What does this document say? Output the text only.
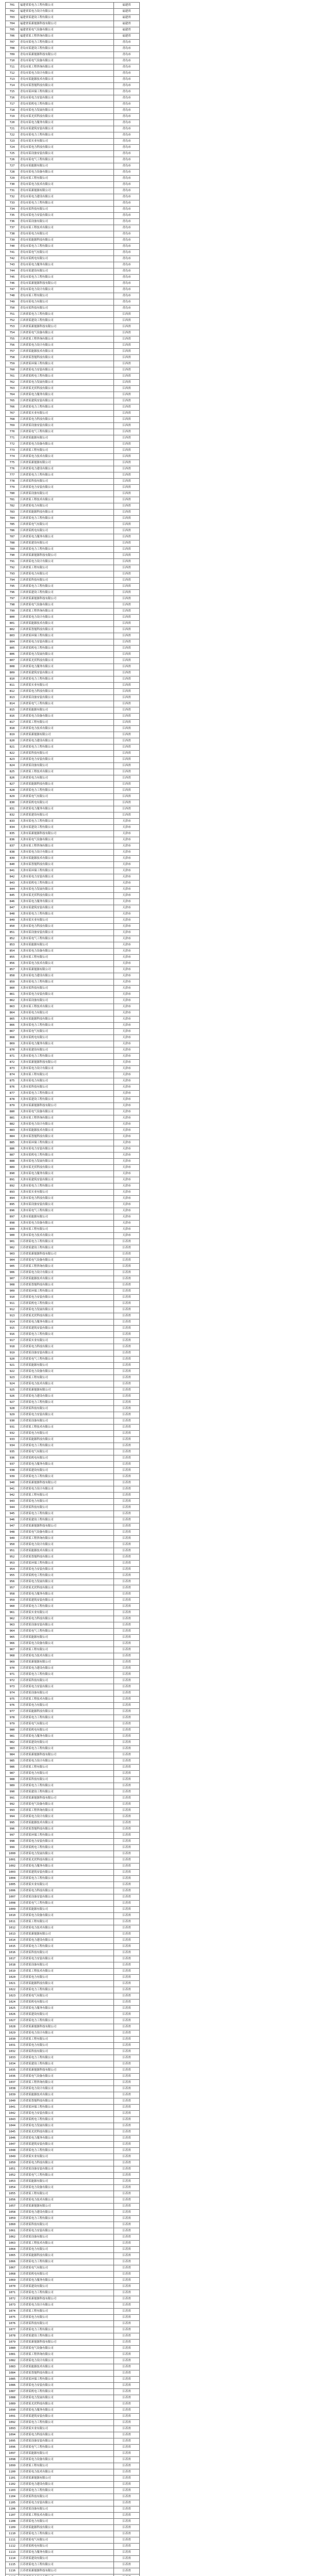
701	福建省某电力工程有限公司	福建省
702	福建省某电力设计有限公司	福建省
703	福建省某建设工程有限公司	福建省
704	福建省某新能源科技有限公司	福建省
705	福建省某电气设备有限公司	福建省
706	福建省某工程咨询有限公司	福建省
707	青岛市某电力工程有限公司	青岛市
708	青岛市某建设工程有限公司	青岛市
709	青岛市某新能源科技有限公司	青岛市
710	青岛市某电气设备有限公司	青岛市
711	青岛市某工程咨询有限公司	青岛市
712	青岛市某电力设计有限公司	青岛市
713	青岛市某能源技术有限公司	青岛市
714	青岛市某智能科技有限公司	青岛市
715	青岛市某环保工程有限公司	青岛市
716	青岛市某电力安装有限公司	青岛市
717	青岛市某机电工程有限公司	青岛市
718	青岛市某电力发展有限公司	青岛市
719	青岛市某光伏科技有限公司	青岛市
720	青岛市某电力服务有限公司	青岛市
721	青岛市某建筑安装有限公司	青岛市
722	青岛市某电力工程有限公司	青岛市
723	青岛市某实业有限公司	青岛市
724	青岛市某电力科技有限公司	青岛市
725	青岛市某设备安装有限公司	青岛市
726	青岛市某电气工程有限公司	青岛市
727	青岛市某能源有限公司	青岛市
728	青岛市某电力设备有限公司	青岛市
729	青岛市某工程有限公司	青岛市
730	青岛市某电力技术有限公司	青岛市
731	青岛市某新能源有限公司	青岛市
732	青岛市某电力建设有限公司	青岛市
733	青岛市某电力工程有限公司	青岛市
734	青岛市某科技有限公司	青岛市
735	青岛市某电力安装有限公司	青岛市
736	青岛市某设备有限公司	青岛市
737	青岛市某工程技术有限公司	青岛市
738	青岛市某电力有限公司	青岛市
739	青岛市某能源科技有限公司	青岛市
740	青岛市某电力工程有限公司	青岛市
741	青岛市某电气有限公司	青岛市
742	青岛市某机电有限公司	青岛市
743	青岛市某电力服务有限公司	青岛市
744	青岛市某建设有限公司	青岛市
745	青岛市某电力工程有限公司	青岛市
746	青岛市某新能源科技有限公司	青岛市
747	青岛市某电力设计有限公司	青岛市
748	青岛市某工程有限公司	青岛市
749	青岛市某电力有限公司	青岛市
750	青岛市某科技有限公司	青岛市
751	江西省某电力工程有限公司	江西省
752	江西省某建设工程有限公司	江西省
753	江西省某新能源科技有限公司	江西省
754	江西省某电气设备有限公司	江西省
755	江西省某工程咨询有限公司	江西省
756	江西省某电力设计有限公司	江西省
757	江西省某能源技术有限公司	江西省
758	江西省某智能科技有限公司	江西省
759	江西省某环保工程有限公司	江西省
760	江西省某电力安装有限公司	江西省
761	江西省某机电工程有限公司	江西省
762	江西省某电力发展有限公司	江西省
763	江西省某光伏科技有限公司	江西省
764	江西省某电力服务有限公司	江西省
765	江西省某建筑安装有限公司	江西省
766	江西省某电力工程有限公司	江西省
767	江西省某实业有限公司	江西省
768	江西省某电力科技有限公司	江西省
769	江西省某设备安装有限公司	江西省
770	江西省某电气工程有限公司	江西省
771	江西省某能源有限公司	江西省
772	江西省某电力设备有限公司	江西省
773	江西省某工程有限公司	江西省
774	江西省某电力技术有限公司	江西省
775	江西省某新能源有限公司	江西省
776	江西省某电力建设有限公司	江西省
777	江西省某电力工程有限公司	江西省
778	江西省某科技有限公司	江西省
779	江西省某电力安装有限公司	江西省
780	江西省某设备有限公司	江西省
781	江西省某工程技术有限公司	江西省
782	江西省某电力有限公司	江西省
783	江西省某能源科技有限公司	江西省
784	江西省某电力工程有限公司	江西省
785	江西省某电气有限公司	江西省
786	江西省某机电有限公司	江西省
787	江西省某电力服务有限公司	江西省
788	江西省某建设有限公司	江西省
789	江西省某电力工程有限公司	江西省
790	江西省某新能源科技有限公司	江西省
791	江西省某电力设计有限公司	江西省
792	江西省某工程有限公司	江西省
793	江西省某电力有限公司	江西省
794	江西省某科技有限公司	江西省
795	江西省某电力工程有限公司	江西省
796	江西省某建设工程有限公司	江西省
797	江西省某新能源科技有限公司	江西省
798	江西省某电气设备有限公司	江西省
799	江西省某工程咨询有限公司	江西省
800	江西省某电力设计有限公司	江西省
801	江西省某能源技术有限公司	江西省
802	江西省某智能科技有限公司	江西省
803	江西省某环保工程有限公司	江西省
804	江西省某电力安装有限公司	江西省
805	江西省某机电工程有限公司	江西省
806	江西省某电力发展有限公司	江西省
807	江西省某光伏科技有限公司	江西省
808	江西省某电力服务有限公司	江西省
809	江西省某建筑安装有限公司	江西省
810	江西省某电力工程有限公司	江西省
811	江西省某实业有限公司	江西省
812	江西省某电力科技有限公司	江西省
813	江西省某设备安装有限公司	江西省
814	江西省某电气工程有限公司	江西省
815	江西省某能源有限公司	江西省
816	江西省某电力设备有限公司	江西省
817	江西省某工程有限公司	江西省
818	江西省某电力技术有限公司	江西省
819	江西省某新能源有限公司	江西省
820	江西省某电力建设有限公司	江西省
821	江西省某电力工程有限公司	江西省
822	江西省某科技有限公司	江西省
823	江西省某电力安装有限公司	江西省
824	江西省某设备有限公司	江西省
825	江西省某工程技术有限公司	江西省
826	江西省某电力有限公司	江西省
827	江西省某能源科技有限公司	江西省
828	江西省某电力工程有限公司	江西省
829	江西省某电气有限公司	江西省
830	江西省某机电有限公司	江西省
831	江西省某电力服务有限公司	江西省
832	江西省某建设有限公司	江西省
833	天津市某电力工程有限公司	天津市
834	天津市某建设工程有限公司	天津市
835	天津市某新能源科技有限公司	天津市
836	天津市某电气设备有限公司	天津市
837	天津市某工程咨询有限公司	天津市
838	天津市某电力设计有限公司	天津市
839	天津市某能源技术有限公司	天津市
840	天津市某智能科技有限公司	天津市
841	天津市某环保工程有限公司	天津市
842	天津市某电力安装有限公司	天津市
843	天津市某机电工程有限公司	天津市
844	天津市某电力发展有限公司	天津市
845	天津市某光伏科技有限公司	天津市
846	天津市某电力服务有限公司	天津市
847	天津市某建筑安装有限公司	天津市
848	天津市某电力工程有限公司	天津市
849	天津市某实业有限公司	天津市
850	天津市某电力科技有限公司	天津市
851	天津市某设备安装有限公司	天津市
852	天津市某电气工程有限公司	天津市
853	天津市某能源有限公司	天津市
854	天津市某电力设备有限公司	天津市
855	天津市某工程有限公司	天津市
856	天津市某电力技术有限公司	天津市
857	天津市某新能源有限公司	天津市
858	天津市某电力建设有限公司	天津市
859	天津市某电力工程有限公司	天津市
860	天津市某科技有限公司	天津市
861	天津市某电力安装有限公司	天津市
862	天津市某设备有限公司	天津市
863	天津市某工程技术有限公司	天津市
864	天津市某电力有限公司	天津市
865	天津市某能源科技有限公司	天津市
866	天津市某电力工程有限公司	天津市
867	天津市某电气有限公司	天津市
868	天津市某机电有限公司	天津市
869	天津市某电力服务有限公司	天津市
870	天津市某建设有限公司	天津市
871	天津市某电力工程有限公司	天津市
872	天津市某新能源科技有限公司	天津市
873	天津市某电力设计有限公司	天津市
874	天津市某工程有限公司	天津市
875	天津市某电力有限公司	天津市
876	天津市某科技有限公司	天津市
877	天津市某电力工程有限公司	天津市
878	天津市某建设工程有限公司	天津市
879	天津市某新能源科技有限公司	天津市
880	天津市某电气设备有限公司	天津市
881	天津市某工程咨询有限公司	天津市
882	天津市某电力设计有限公司	天津市
883	天津市某能源技术有限公司	天津市
884	天津市某智能科技有限公司	天津市
885	天津市某环保工程有限公司	天津市
886	天津市某电力安装有限公司	天津市
887	天津市某机电工程有限公司	天津市
888	天津市某电力发展有限公司	天津市
889	天津市某光伏科技有限公司	天津市
890	天津市某电力服务有限公司	天津市
891	天津市某建筑安装有限公司	天津市
892	天津市某电力工程有限公司	天津市
893	天津市某实业有限公司	天津市
894	天津市某电力科技有限公司	天津市
895	天津市某设备安装有限公司	天津市
896	天津市某电气工程有限公司	天津市
897	天津市某能源有限公司	天津市
898	天津市某电力设备有限公司	天津市
899	天津市某工程有限公司	天津市
900	天津市某电力技术有限公司	天津市
901	江苏省某电力工程有限公司	江苏省
902	江苏省某建设工程有限公司	江苏省
903	江苏省某新能源科技有限公司	江苏省
904	江苏省某电气设备有限公司	江苏省
905	江苏省某工程咨询有限公司	江苏省
906	江苏省某电力设计有限公司	江苏省
907	江苏省某能源技术有限公司	江苏省
908	江苏省某智能科技有限公司	江苏省
909	江苏省某环保工程有限公司	江苏省
910	江苏省某电力安装有限公司	江苏省
911	江苏省某机电工程有限公司	江苏省
912	江苏省某电力发展有限公司	江苏省
913	江苏省某光伏科技有限公司	江苏省
914	江苏省某电力服务有限公司	江苏省
915	江苏省某建筑安装有限公司	江苏省
916	江苏省某电力工程有限公司	江苏省
917	江苏省某实业有限公司	江苏省
918	江苏省某电力科技有限公司	江苏省
919	江苏省某设备安装有限公司	江苏省
920	江苏省某电气工程有限公司	江苏省
921	江苏省某能源有限公司	江苏省
922	江苏省某电力设备有限公司	江苏省
923	江苏省某工程有限公司	江苏省
924	江苏省某电力技术有限公司	江苏省
925	江苏省某新能源有限公司	江苏省
926	江苏省某电力建设有限公司	江苏省
927	江苏省某电力工程有限公司	江苏省
928	江苏省某科技有限公司	江苏省
929	江苏省某电力安装有限公司	江苏省
930	江苏省某设备有限公司	江苏省
931	江苏省某工程技术有限公司	江苏省
932	江苏省某电力有限公司	江苏省
933	江苏省某能源科技有限公司	江苏省
934	江苏省某电力工程有限公司	江苏省
935	江苏省某电气有限公司	江苏省
936	江苏省某机电有限公司	江苏省
937	江苏省某电力服务有限公司	江苏省
938	江苏省某建设有限公司	江苏省
939	江苏省某电力工程有限公司	江苏省
940	江苏省某新能源科技有限公司	江苏省
941	江苏省某电力设计有限公司	江苏省
942	江苏省某工程有限公司	江苏省
943	江苏省某电力有限公司	江苏省
944	江苏省某科技有限公司	江苏省
945	江苏省某电力工程有限公司	江苏省
946	江苏省某建设工程有限公司	江苏省
947	江苏省某新能源科技有限公司	江苏省
948	江苏省某电气设备有限公司	江苏省
949	江苏省某工程咨询有限公司	江苏省
950	江苏省某电力设计有限公司	江苏省
951	江苏省某能源技术有限公司	江苏省
952	江苏省某智能科技有限公司	江苏省
953	江苏省某环保工程有限公司	江苏省
954	江苏省某电力安装有限公司	江苏省
955	江苏省某机电工程有限公司	江苏省
956	江苏省某电力发展有限公司	江苏省
957	江苏省某光伏科技有限公司	江苏省
958	江苏省某电力服务有限公司	江苏省
959	江苏省某建筑安装有限公司	江苏省
960	江苏省某电力工程有限公司	江苏省
961	江苏省某实业有限公司	江苏省
962	江苏省某电力科技有限公司	江苏省
963	江苏省某设备安装有限公司	江苏省
964	江苏省某电气工程有限公司	江苏省
965	江苏省某能源有限公司	江苏省
966	江苏省某电力设备有限公司	江苏省
967	江苏省某工程有限公司	江苏省
968	江苏省某电力技术有限公司	江苏省
969	江苏省某新能源有限公司	江苏省
970	江苏省某电力建设有限公司	江苏省
971	江苏省某电力工程有限公司	江苏省
972	江苏省某科技有限公司	江苏省
973	江苏省某电力安装有限公司	江苏省
974	江苏省某设备有限公司	江苏省
975	江苏省某工程技术有限公司	江苏省
976	江苏省某电力有限公司	江苏省
977	江苏省某能源科技有限公司	江苏省
978	江苏省某电力工程有限公司	江苏省
979	江苏省某电气有限公司	江苏省
980	江苏省某机电有限公司	江苏省
981	江苏省某电力服务有限公司	江苏省
982	江苏省某建设有限公司	江苏省
983	江苏省某电力工程有限公司	江苏省
984	江苏省某新能源科技有限公司	江苏省
985	江苏省某电力设计有限公司	江苏省
986	江苏省某工程有限公司	江苏省
987	江苏省某电力有限公司	江苏省
988	江苏省某科技有限公司	江苏省
989	江苏省某电力工程有限公司	江苏省
990	江苏省某建设工程有限公司	江苏省
991	江苏省某新能源科技有限公司	江苏省
992	江苏省某电气设备有限公司	江苏省
993	江苏省某工程咨询有限公司	江苏省
994	江苏省某电力设计有限公司	江苏省
995	江苏省某能源技术有限公司	江苏省
996	江苏省某智能科技有限公司	江苏省
997	江苏省某环保工程有限公司	江苏省
998	江苏省某电力安装有限公司	江苏省
999	江苏省某机电工程有限公司	江苏省
1000	江苏省某电力发展有限公司	江苏省
1001	江苏省某光伏科技有限公司	江苏省
1002	江苏省某电力服务有限公司	江苏省
1003	江苏省某建筑安装有限公司	江苏省
1004	江苏省某电力工程有限公司	江苏省
1005	江苏省某实业有限公司	江苏省
1006	江苏省某电力科技有限公司	江苏省
1007	江苏省某设备安装有限公司	江苏省
1008	江苏省某电气工程有限公司	江苏省
1009	江苏省某能源有限公司	江苏省
1010	江苏省某电力设备有限公司	江苏省
1011	江苏省某工程有限公司	江苏省
1012	江苏省某电力技术有限公司	江苏省
1013	江苏省某新能源有限公司	江苏省
1014	江苏省某电力建设有限公司	江苏省
1015	江苏省某电力工程有限公司	江苏省
1016	江苏省某科技有限公司	江苏省
1017	江苏省某电力安装有限公司	江苏省
1018	江苏省某设备有限公司	江苏省
1019	江苏省某工程技术有限公司	江苏省
1020	江苏省某电力有限公司	江苏省
1021	江苏省某能源科技有限公司	江苏省
1022	江苏省某电力工程有限公司	江苏省
1023	江苏省某电气有限公司	江苏省
1024	江苏省某机电有限公司	江苏省
1025	江苏省某电力服务有限公司	江苏省
1026	江苏省某建设有限公司	江苏省
1027	江苏省某电力工程有限公司	江苏省
1028	江苏省某新能源科技有限公司	江苏省
1029	江苏省某电力设计有限公司	江苏省
1030	江苏省某工程有限公司	江苏省
1031	江苏省某电力有限公司	江苏省
1032	江苏省某科技有限公司	江苏省
1033	江苏省某电力工程有限公司	江苏省
1034	江苏省某建设工程有限公司	江苏省
1035	江苏省某新能源科技有限公司	江苏省
1036	江苏省某电气设备有限公司	江苏省
1037	江苏省某工程咨询有限公司	江苏省
1038	江苏省某电力设计有限公司	江苏省
1039	江苏省某能源技术有限公司	江苏省
1040	江苏省某智能科技有限公司	江苏省
1041	江苏省某环保工程有限公司	江苏省
1042	江苏省某电力安装有限公司	江苏省
1043	江苏省某机电工程有限公司	江苏省
1044	江苏省某电力发展有限公司	江苏省
1045	江苏省某光伏科技有限公司	江苏省
1046	江苏省某电力服务有限公司	江苏省
1047	江苏省某建筑安装有限公司	江苏省
1048	江苏省某电力工程有限公司	江苏省
1049	江苏省某实业有限公司	江苏省
1050	江苏省某电力科技有限公司	江苏省
1051	江苏省某设备安装有限公司	江苏省
1052	江苏省某电气工程有限公司	江苏省
1053	江苏省某能源有限公司	江苏省
1054	江苏省某电力设备有限公司	江苏省
1055	江苏省某工程有限公司	江苏省
1056	江苏省某电力技术有限公司	江苏省
1057	江苏省某新能源有限公司	江苏省
1058	江苏省某电力建设有限公司	江苏省
1059	江苏省某电力工程有限公司	江苏省
1060	江苏省某科技有限公司	江苏省
1061	江苏省某电力安装有限公司	江苏省
1062	江苏省某设备有限公司	江苏省
1063	江苏省某工程技术有限公司	江苏省
1064	江苏省某电力有限公司	江苏省
1065	江苏省某能源科技有限公司	江苏省
1066	江苏省某电力工程有限公司	江苏省
1067	江苏省某电气有限公司	江苏省
1068	江苏省某机电有限公司	江苏省
1069	江苏省某电力服务有限公司	江苏省
1070	江苏省某建设有限公司	江苏省
1071	江苏省某电力工程有限公司	江苏省
1072	江苏省某新能源科技有限公司	江苏省
1073	江苏省某电力设计有限公司	江苏省
1074	江苏省某工程有限公司	江苏省
1075	江苏省某电力有限公司	江苏省
1076	江苏省某科技有限公司	江苏省
1077	江苏省某电力工程有限公司	江苏省
1078	江苏省某建设工程有限公司	江苏省
1079	江苏省某新能源科技有限公司	江苏省
1080	江苏省某电气设备有限公司	江苏省
1081	江苏省某工程咨询有限公司	江苏省
1082	江苏省某电力设计有限公司	江苏省
1083	江苏省某能源技术有限公司	江苏省
1084	江苏省某智能科技有限公司	江苏省
1085	江苏省某环保工程有限公司	江苏省
1086	江苏省某电力安装有限公司	江苏省
1087	江苏省某机电工程有限公司	江苏省
1088	江苏省某电力发展有限公司	江苏省
1089	江苏省某光伏科技有限公司	江苏省
1090	江苏省某电力服务有限公司	江苏省
1091	江苏省某建筑安装有限公司	江苏省
1092	江苏省某电力工程有限公司	江苏省
1093	江苏省某实业有限公司	江苏省
1094	江苏省某电力科技有限公司	江苏省
1095	江苏省某设备安装有限公司	江苏省
1096	江苏省某电气工程有限公司	江苏省
1097	江苏省某能源有限公司	江苏省
1098	江苏省某电力设备有限公司	江苏省
1099	江苏省某工程有限公司	江苏省
1100	江苏省某电力技术有限公司	江苏省
1101	江苏省某新能源有限公司	江苏省
1102	江苏省某电力建设有限公司	江苏省
1103	江苏省某电力工程有限公司	江苏省
1104	江苏省某科技有限公司	江苏省
1105	江苏省某电力安装有限公司	江苏省
1106	江苏省某设备有限公司	江苏省
1107	江苏省某工程技术有限公司	江苏省
1108	江苏省某电力有限公司	江苏省
1109	江苏省某能源科技有限公司	江苏省
1110	江苏省某电力工程有限公司	江苏省
1111	江苏省某电气有限公司	江苏省
1112	江苏省某机电有限公司	江苏省
1113	江苏省某电力服务有限公司	江苏省
1114	江苏省某建设有限公司	江苏省
1115	江苏省某电力工程有限公司	江苏省
1116	江苏省某新能源科技有限公司	江苏省
